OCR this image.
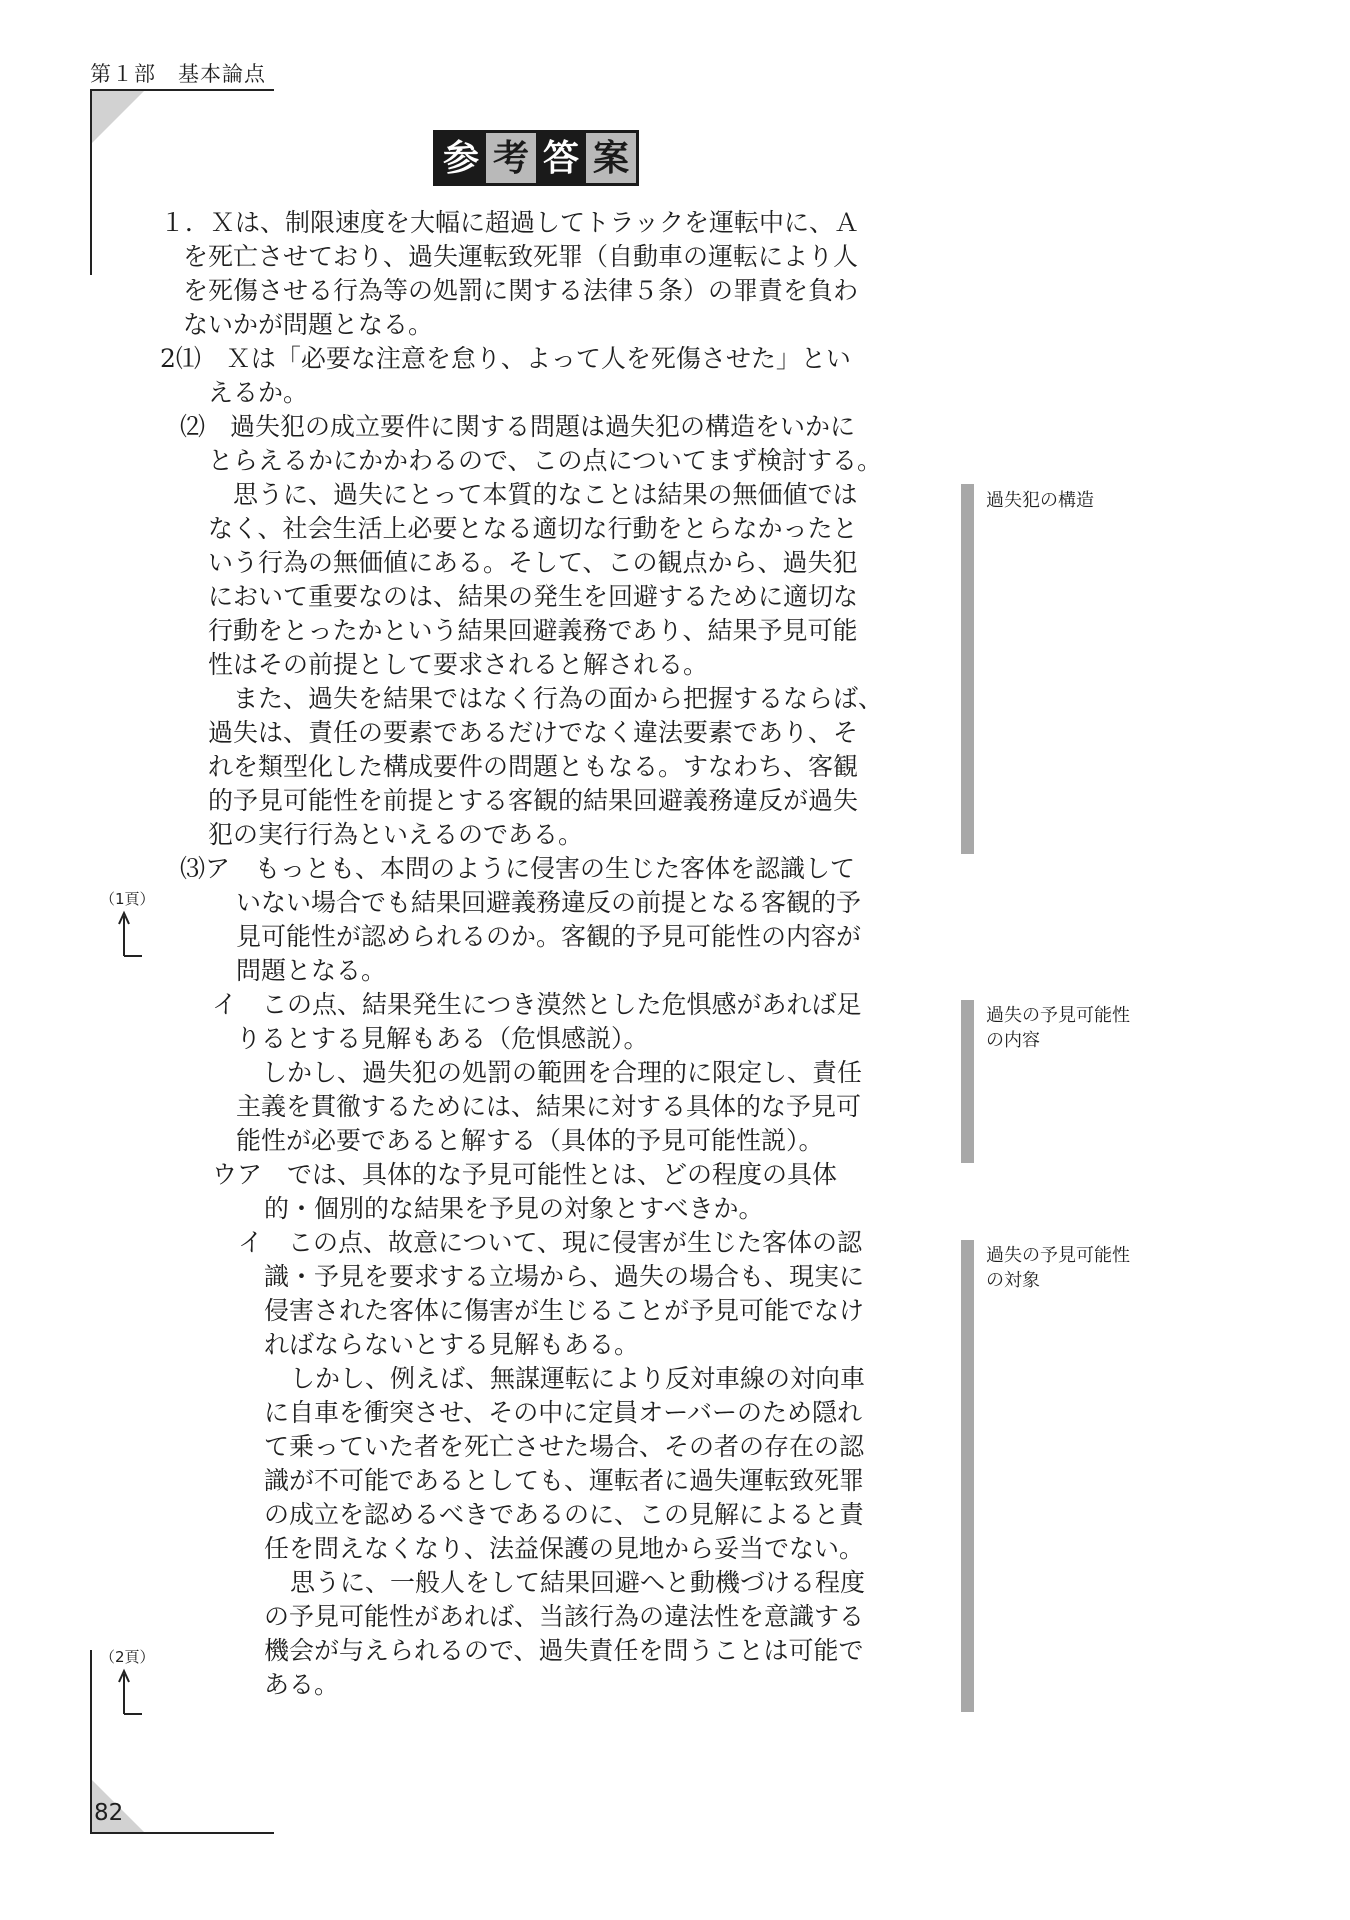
第１部　基本論点
参 考 答 案
１．Ｘは、制限速度を大幅に超過してトラックを運転中に、Ａ
を死亡させており、過失運転致死罪（自動車の運転により人
を死傷させる行為等の処罰に関する法律５条）の罪責を負わ
ないかが問題となる。
2⑴　Ｘは「必要な注意を怠り、よって人を死傷させた」とい
えるか。
⑵　過失犯の成立要件に関する問題は過失犯の構造をいかに
とらえるかにかかわるので、この点についてまず検討する。
思うに、過失にとって本質的なことは結果の無価値では
なく、社会生活上必要となる適切な行動をとらなかったと
いう行為の無価値にある。そして、この観点から、過失犯
において重要なのは、結果の発生を回避するために適切な
行動をとったかという結果回避義務であり、結果予見可能
性はその前提として要求されると解される。
また、過失を結果ではなく行為の面から把握するならば、
過失は、責任の要素であるだけでなく違法要素であり、そ
れを類型化した構成要件の問題ともなる。すなわち、客観
的予見可能性を前提とする客観的結果回避義務違反が過失
犯の実行行為といえるのである。
⑶ア　もっとも、本問のように侵害の生じた客体を認識して
いない場合でも結果回避義務違反の前提となる客観的予
見可能性が認められるのか。客観的予見可能性の内容が
問題となる。
イ　この点、結果発生につき漠然とした危惧感があれば足
りるとする見解もある（危惧感説）。
しかし、過失犯の処罰の範囲を合理的に限定し、責任
主義を貫徹するためには、結果に対する具体的な予見可
能性が必要であると解する（具体的予見可能性説）。
ウア　では、具体的な予見可能性とは、どの程度の具体
的・個別的な結果を予見の対象とすべきか。
イ　この点、故意について、現に侵害が生じた客体の認
識・予見を要求する立場から、過失の場合も、現実に
侵害された客体に傷害が生じることが予見可能でなけ
ればならないとする見解もある。
しかし、例えば、無謀運転により反対車線の対向車
に自車を衝突させ、その中に定員オーバーのため隠れ
て乗っていた者を死亡させた場合、その者の存在の認
識が不可能であるとしても、運転者に過失運転致死罪
の成立を認めるべきであるのに、この見解によると責
任を問えなくなり、法益保護の見地から妥当でない。
思うに、一般人をして結果回避へと動機づける程度
の予見可能性があれば、当該行為の違法性を意識する
機会が与えられるので、過失責任を問うことは可能で
ある。
過失犯の構造
過失の予見可能性
の内容
過失の予見可能性
の対象
（1頁）
（2頁）
82
